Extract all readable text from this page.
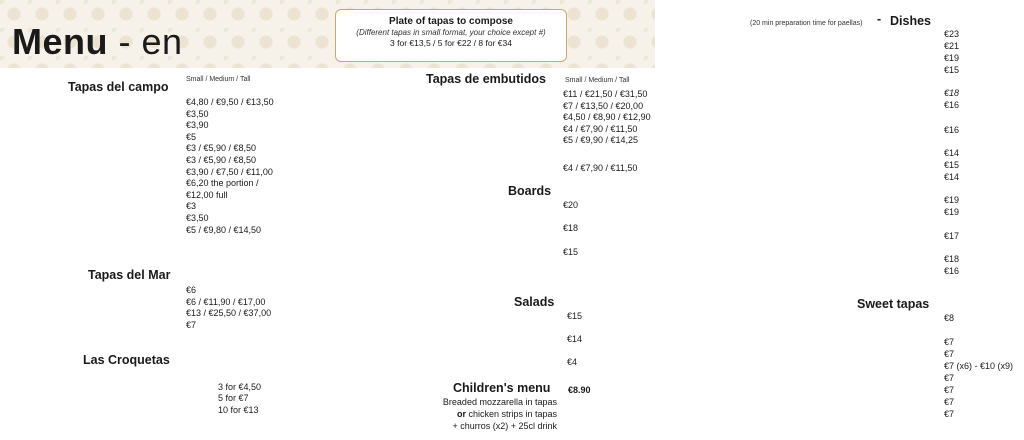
Menu - en	Plate of tapas to compose
(Different tapas in small format, your choice except #)
3 for €13,5 / 5 for €22 / 8 for €34
Tapas del campo
Small / Medium / Tall
€4,80 / €9,50 / €13,50
€3,50
€3,90
€5
€3 / €5,90 / €8,50
€3 / €5,90 / €8,50
€3,90 / €7,50 / €11,00
€6,20 the portion /
€12,00 full
€3
€3,50
€5 / €9,80 / €14,50
Tapas del Mar
€6
€6 / €11,90 / €17,00
€13 / €25,50 / €37,00
€7
Las Croquetas
3 for €4,50
5 for €7
10 for €13
Tapas de embutidos	Small / Medium / Tall
€11 / €21,50 / €31,50
€7 / €13,50 / €20,00
€4,50 / €8,90 / €12,90
€4 / €7,90 / €11,50
€5 / €9,90 / €14,25
€4 / €7,90 / €11,50
Boards
€20
€18
€15
Salads
€15
€14
€4
Children's menu €8.90
Breaded mozzarella in tapas
or chicken strips in tapas
+ churros (x2) + 25cl drink
(20 min preparation time for paellas) - Dishes
€23
€21
€19
€15
€18
€16
€16
€14
€15
€14
€19
€19
€17
€18
€16
Sweet tapas
€8
€7
€7
€7 (x6) - €10 (x9)
€7
€7
€7
€7
